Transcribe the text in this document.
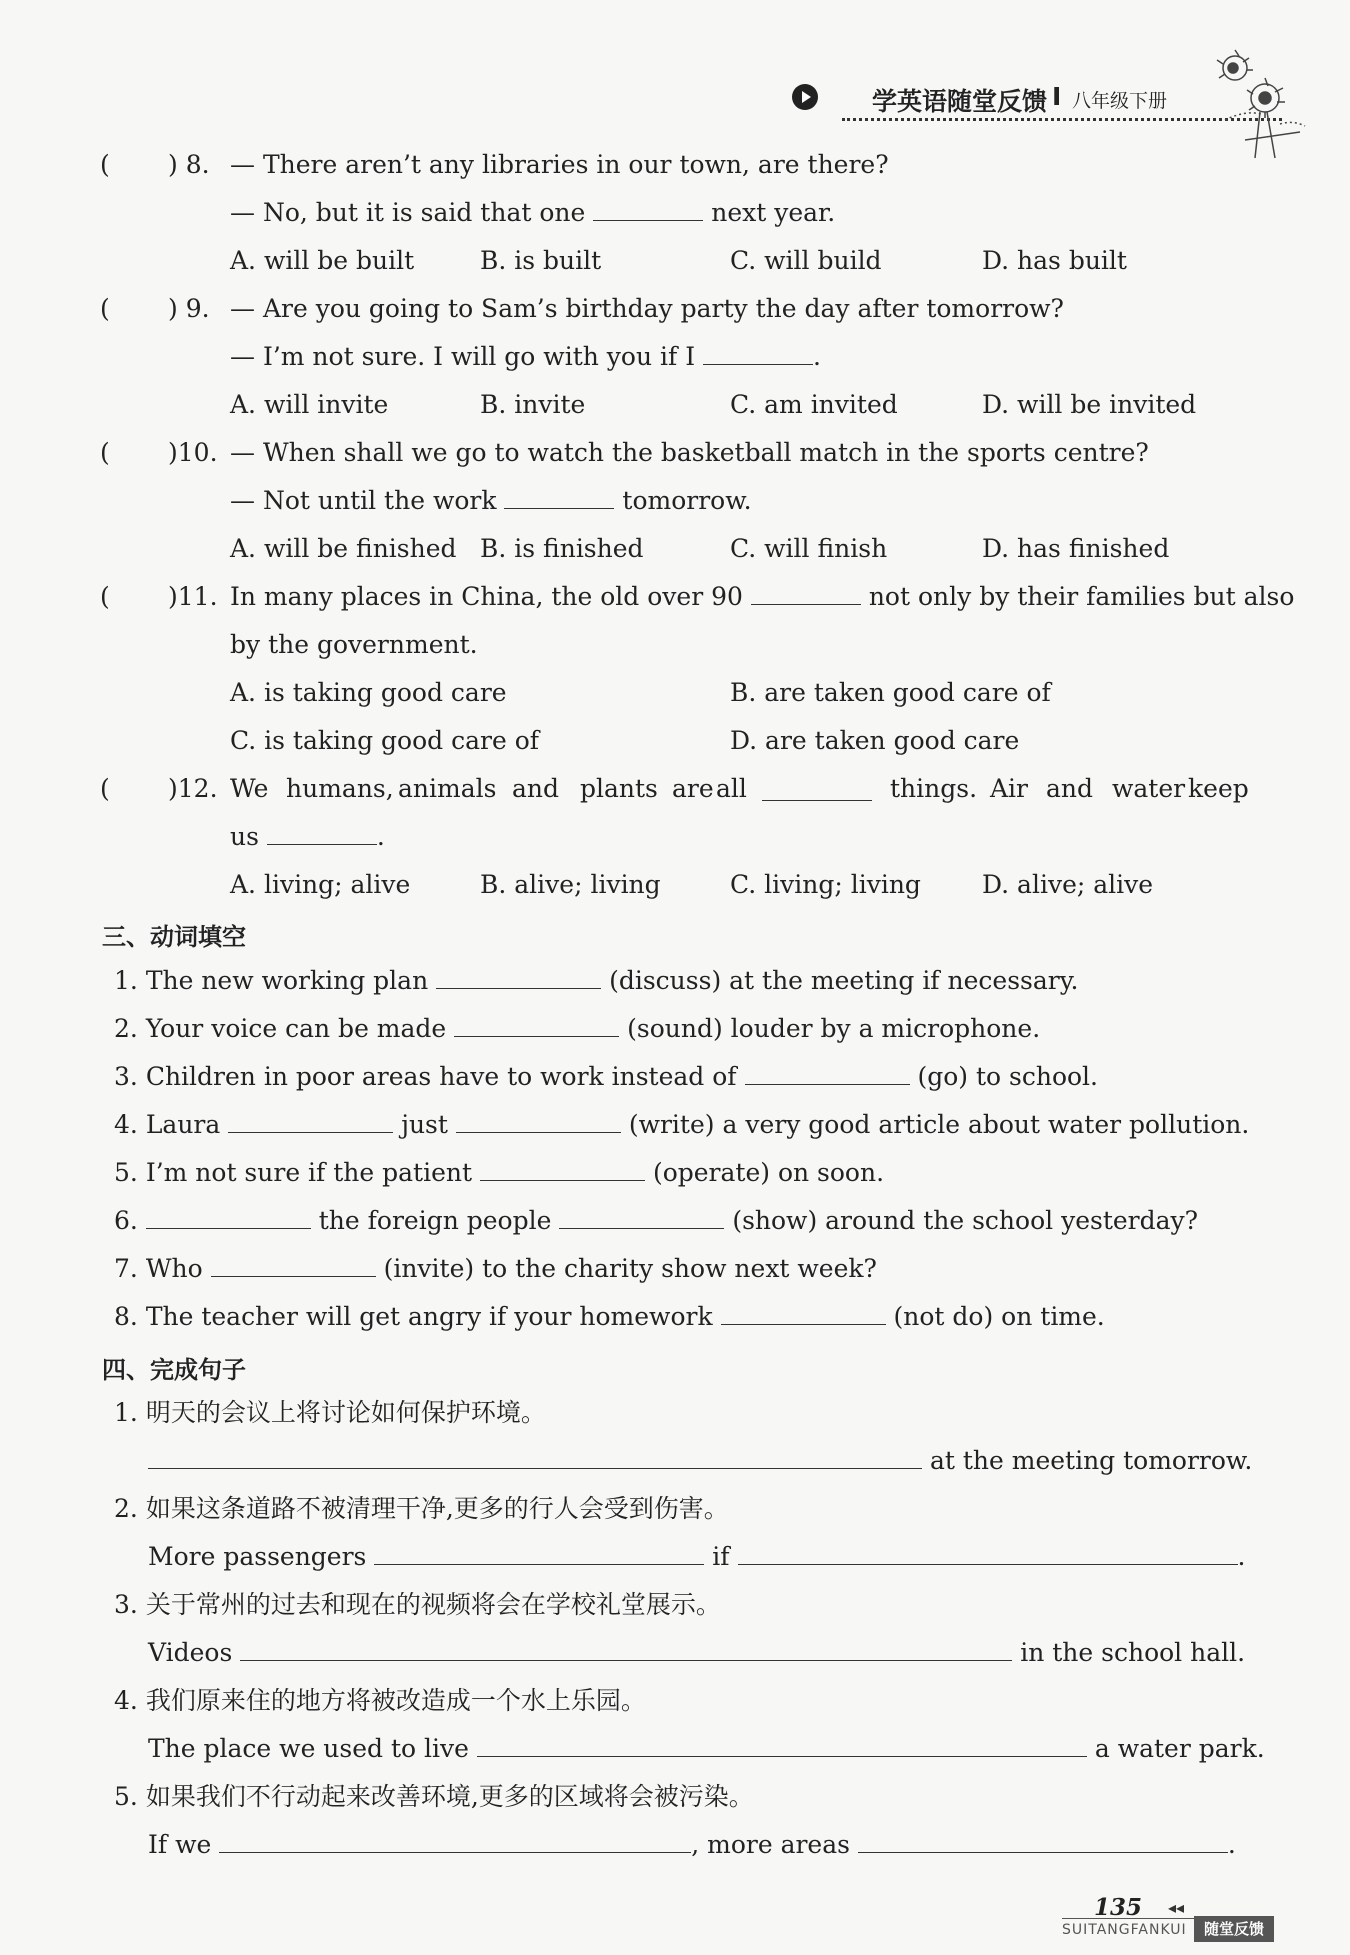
学英语随堂反馈 I 八年级下册
( ) 8. — There aren’t any libraries in our town, are there?
— No, but it is said that one	next year.
A. will be built	B. is built	C. will build	D. has built
( ) 9. — Are you going to Sam’s birthday party the day after tomorrow?
— I’m not sure. I will go with you if I	.
A. will invite	B. invite	C. am invited	D. will be invited
( )10. — When shall we go to watch the basketball match in the sports centre?
— Not until the work	tomorrow.
A. will be finished B. is finished	C. will finish	D. has finished
( )11. In many places in China, the old over 90	not only by their families but also
by the government.
A. is taking good care	B. are taken good care of
C. is taking good care of	D. are taken good care
( )12. We humans, animals and plants are all	things. Air and water keep
us	.
A. living; alive	B. alive; living	C. living; living D. alive; alive
三、动词填空
1. The new working plan	(discuss) at the meeting if necessary.
2. Your voice can be made	(sound) louder by a microphone.
3. Children in poor areas have to work instead of	(go) to school.
4. Laura	just	(write) a very good article about water pollution.
5. I’m not sure if the patient	(operate) on soon.
6.	the foreign people	(show) around the school yesterday?
7. Who	(invite) to the charity show next week?
8. The teacher will get angry if your homework	(not do) on time.
四、完成句子
1. 明天的会议上将讨论如何保护环境。
at the meeting tomorrow.
2. 如果这条道路不被清理干净,更多的行人会受到伤害。
More passengers	if	.
3. 关于常州的过去和现在的视频将会在学校礼堂展示。
Videos	in the school hall.
4. 我们原来住的地方将被改造成一个水上乐园。
The place we used to live	a water park.
5. 如果我们不行动起来改善环境,更多的区域将会被污染。
If we	, more areas	.
135 ◂◂
SUITANGFANKUI	随堂反馈
